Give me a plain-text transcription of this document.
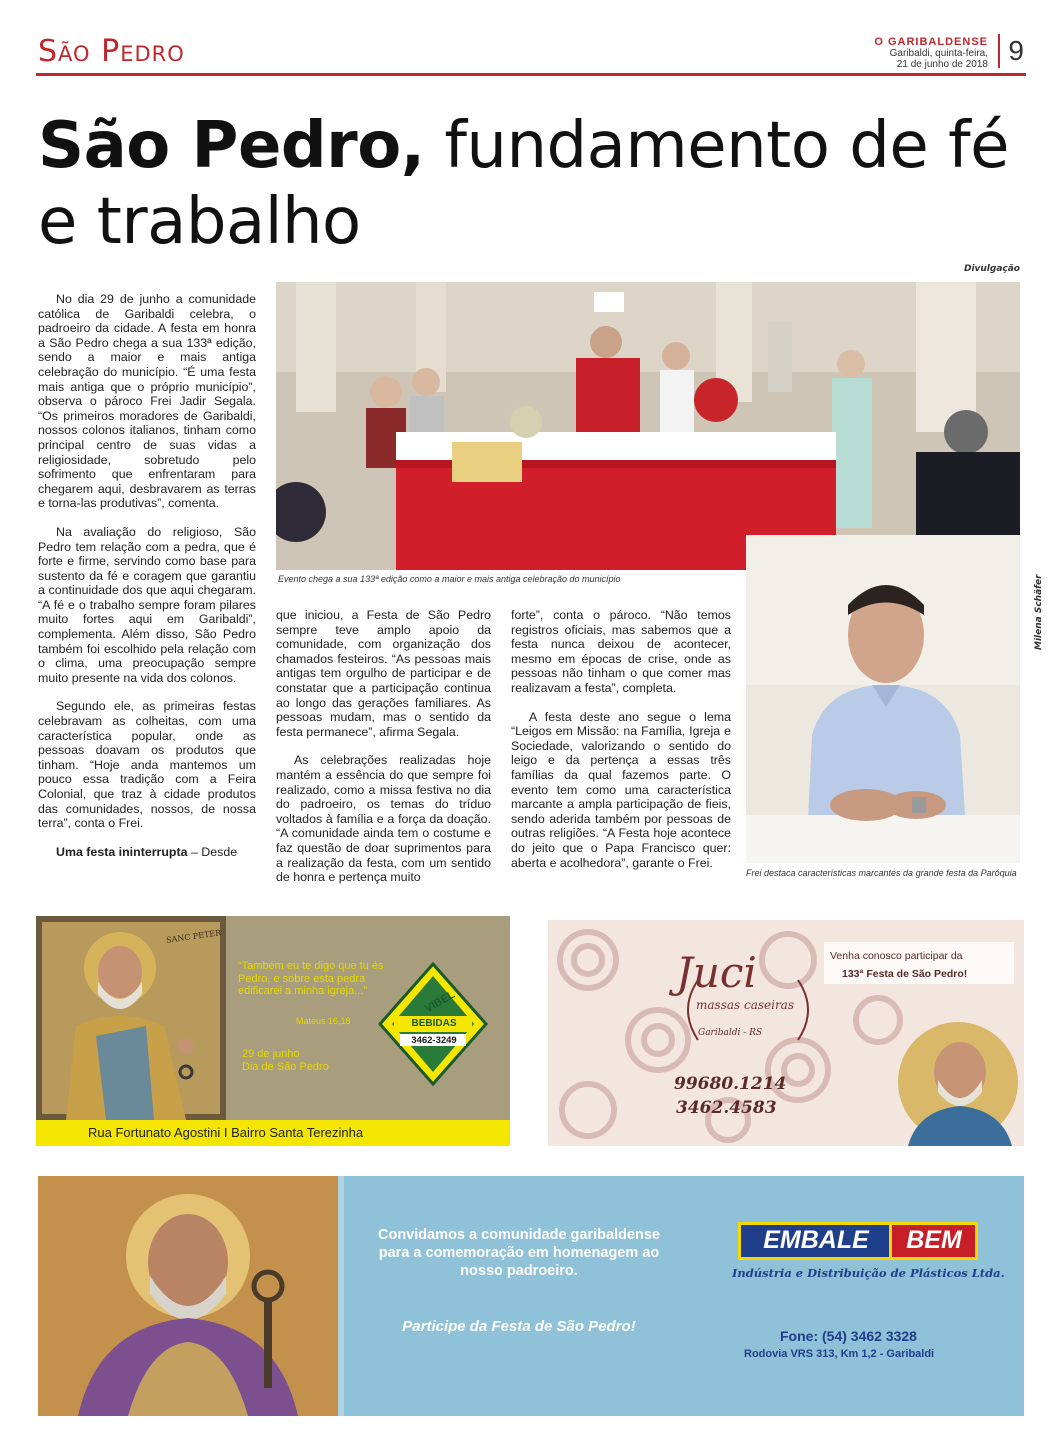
São Pedro	O GARIBALDENSE
Garibaldi, quinta-feira,
21 de junho de 2018 9
São Pedro, fundamento de fé e trabalho
Divulgação

No dia 29 de junho a comunidade católica de Garibaldi celebra, o padroeiro da cidade. A festa em honra a São Pedro chega a sua 133ª edição, sendo a maior e mais antiga celebração do município. “É uma festa mais antiga que o próprio município”, observa o pároco Frei Jadir Segala. “Os primeiros moradores de Garibaldi, nossos colonos italianos, tinham como principal centro de suas vidas a religiosidade, sobretudo pelo sofrimento que enfrentaram para chegarem aqui, desbravarem as terras e torna-las produtivas”, comenta.

Na avaliação do religioso, São Pedro tem relação com a pedra, que é forte e firme, servindo como base para sustento da fé e coragem que garantiu a continuidade dos que aqui chegaram. “A fé e o trabalho sempre foram pilares muito fortes aqui em Garibaldi”, complementa. Além disso, São Pedro também foi escolhido pela relação com o clima, uma preocupação sempre muito presente na vida dos colonos.

Segundo ele, as primeiras festas celebravam as colheitas, com uma característica popular, onde as pessoas doavam os produtos que tinham. “Hoje anda mantemos um pouco essa tradição com a Feira Colonial, que traz à cidade produtos das comunidades, nossos, de nossa terra”, conta o Frei.

Uma festa ininterrupta – Desde

Evento chega a sua 133ª edição como a maior e mais antiga celebração do município	Milena Schäfer
Frei destaca características marcantes da grande festa da Paróquia

que iniciou, a Festa de São Pedro sempre teve amplo apoio da comunidade, com organização dos chamados festeiros. “As pessoas mais antigas tem orgulho de participar e de constatar que a participação continua ao longo das gerações familiares. As pessoas mudam, mas o sentido da festa permanece”, afirma Segala.

As celebrações realizadas hoje mantém a essência do que sempre foi realizado, como a missa festiva no dia do padroeiro, os temas do tríduo voltados à família e a força da doação. “A comunidade ainda tem o costume e faz questão de doar suprimentos para a realização da festa, com um sentido de honra e pertença muito

forte”, conta o pároco. “Não temos registros oficiais, mas sabemos que a festa nunca deixou de acontecer, mesmo em épocas de crise, onde as pessoas não tinham o que comer mas realizavam a festa”, completa.

A festa deste ano segue o lema “Leigos em Missão: na Família, Igreja e Sociedade, valorizando o sentido do leigo e da pertença a essas três famílias da qual fazemos parte. O evento tem como uma característica marcante a ampla participação de fieis, sendo aderida também por pessoas de outras religiões. “A Festa hoje acontece do jeito que o Papa Francisco quer: aberta e acolhedora”, garante o Frei.

SANC PETER
“Também eu te digo que tu és Pedro, e sobre esta pedra edificarei a minha igreja...”
Mateus 16,18
29 de junho
Dia de São Pedro
VIBEL
BEBIDAS
3462-3249
Rua Fortunato Agostini I Bairro Santa Terezinha
Venha conosco participar da
133ª Festa de São Pedro!
Juci
massas caseiras
Garibaldi - RS
99680.1214
3462.4583
Convidamos a comunidade garibaldense para a comemoração em homenagem ao nosso padroeiro.
Participe da Festa de São Pedro!
EMBALE	BEM
Indústria e Distribuição de Plásticos Ltda.
Fone: (54) 3462 3328
Rodovia VRS 313, Km 1,2 - Garibaldi
